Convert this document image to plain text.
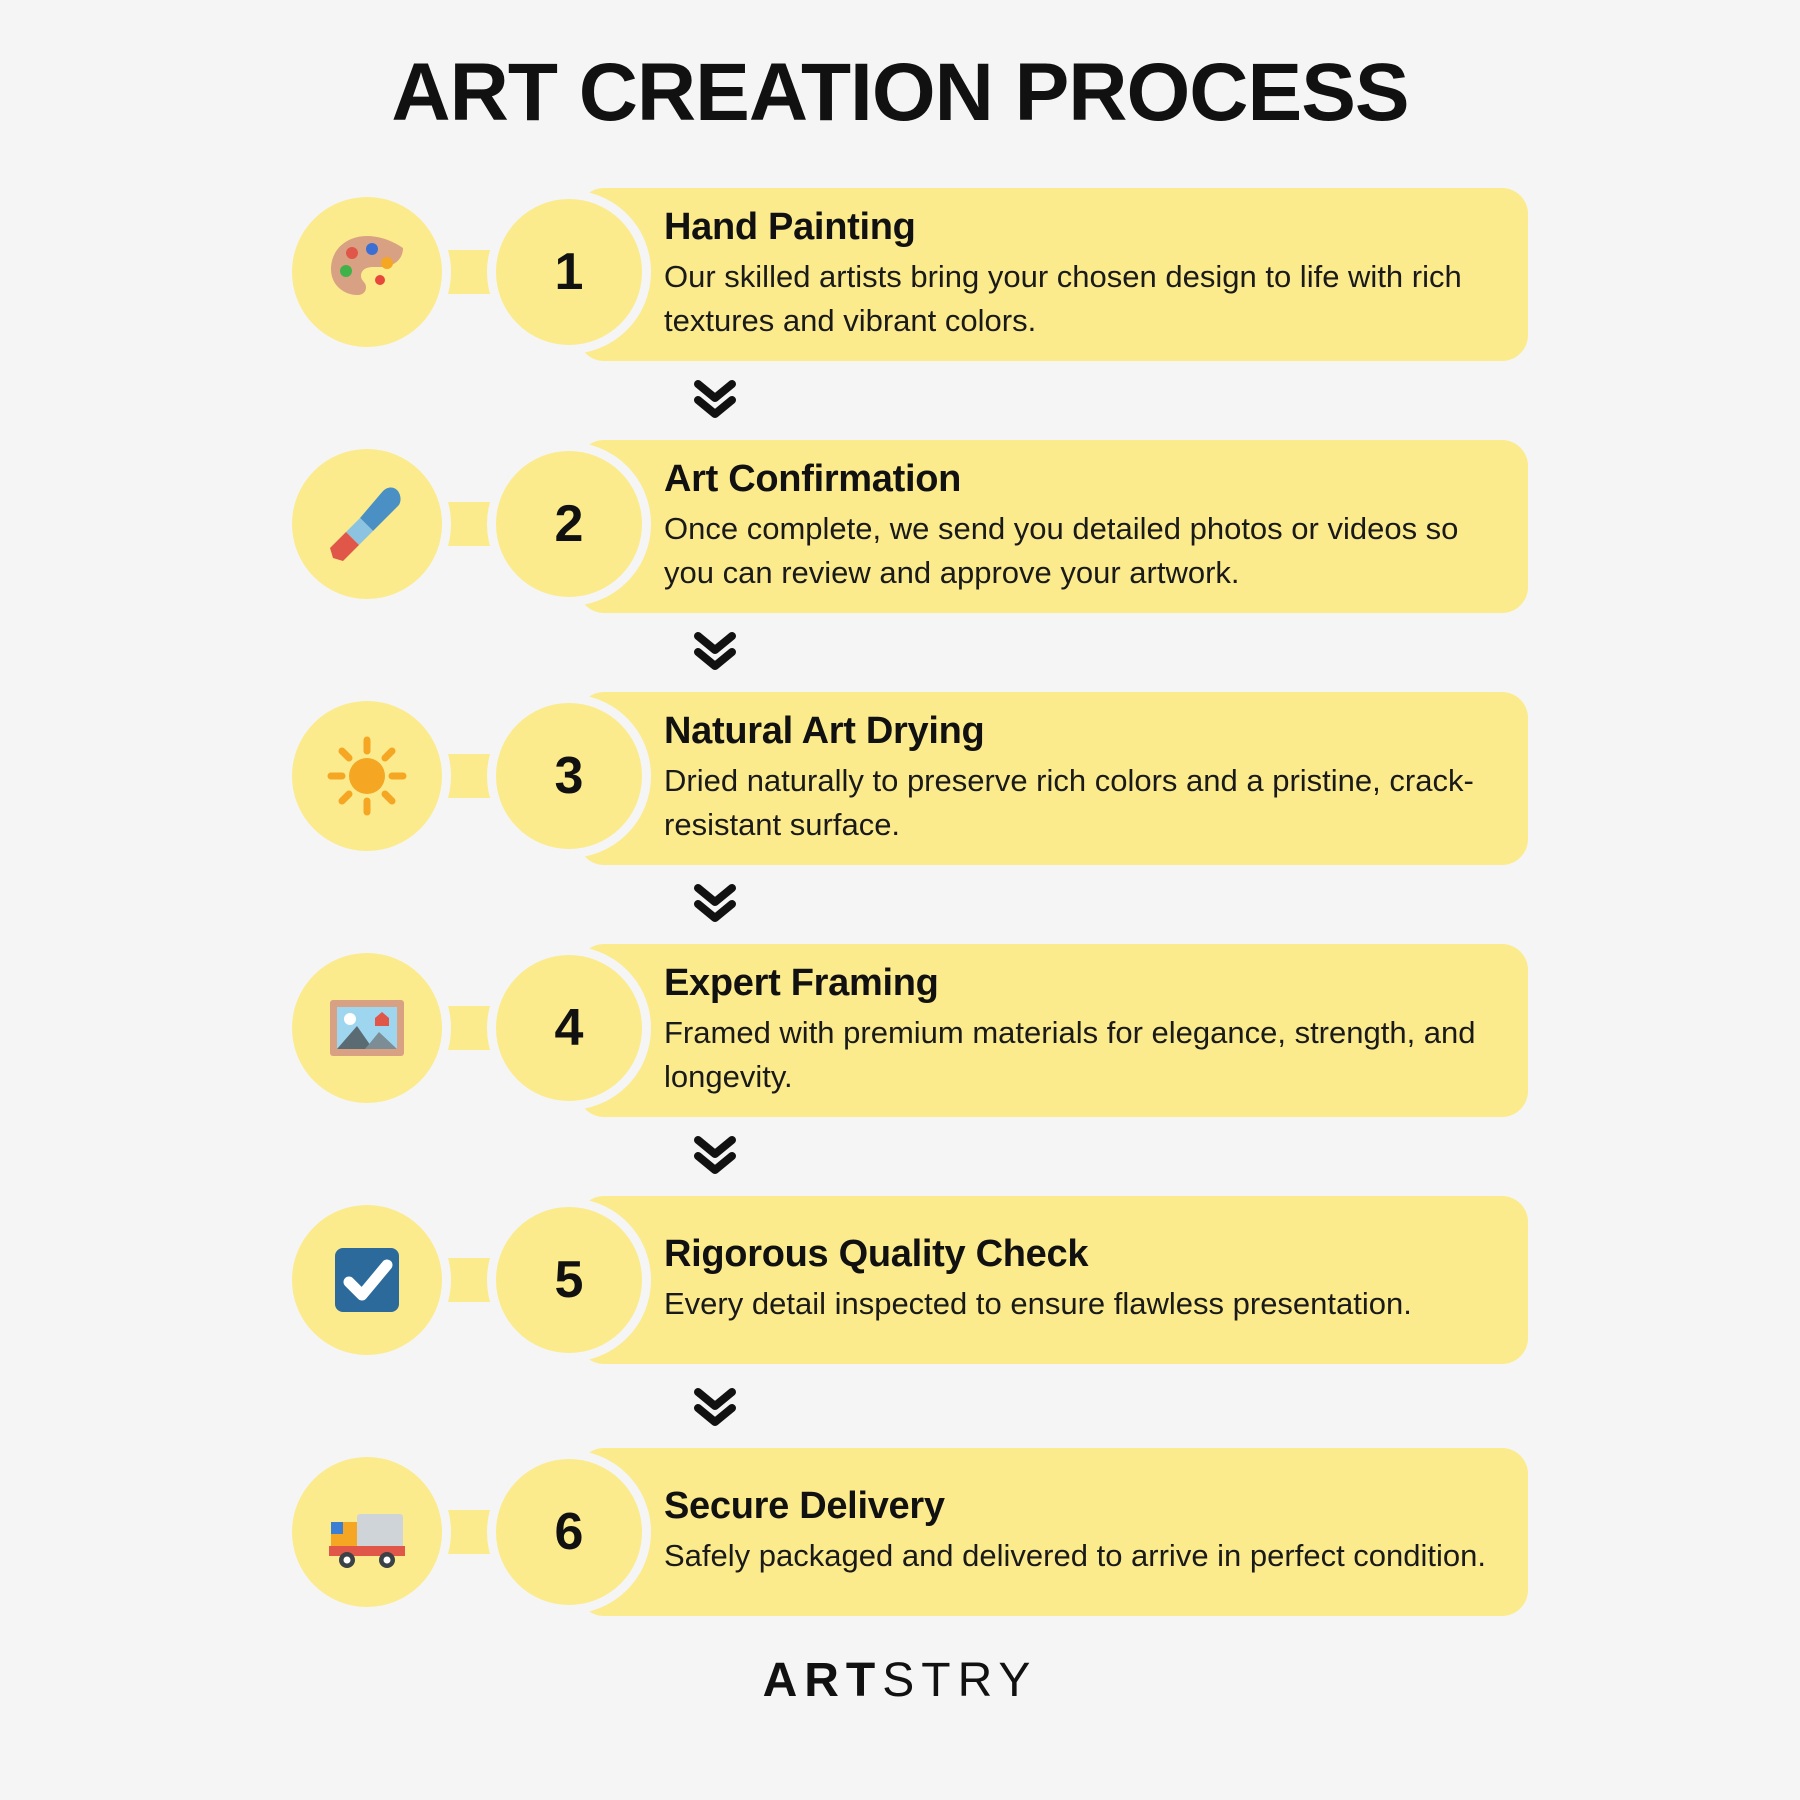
ART CREATION PROCESS
1
Hand Painting

Our skilled artists bring your chosen design to life with rich textures and vibrant colors.

2
Art Confirmation

Once complete, we send you detailed photos or videos so you can review and approve your artwork.

3
Natural Art Drying

Dried naturally to preserve rich colors and a pristine, crack-resistant surface.

4
Expert Framing

Framed with premium materials for elegance, strength, and longevity.

5	Rigorous Quality Check

Every detail inspected to ensure flawless presentation.

6	Secure Delivery

Safely packaged and delivered to arrive in perfect condition.

ARTSTRY
